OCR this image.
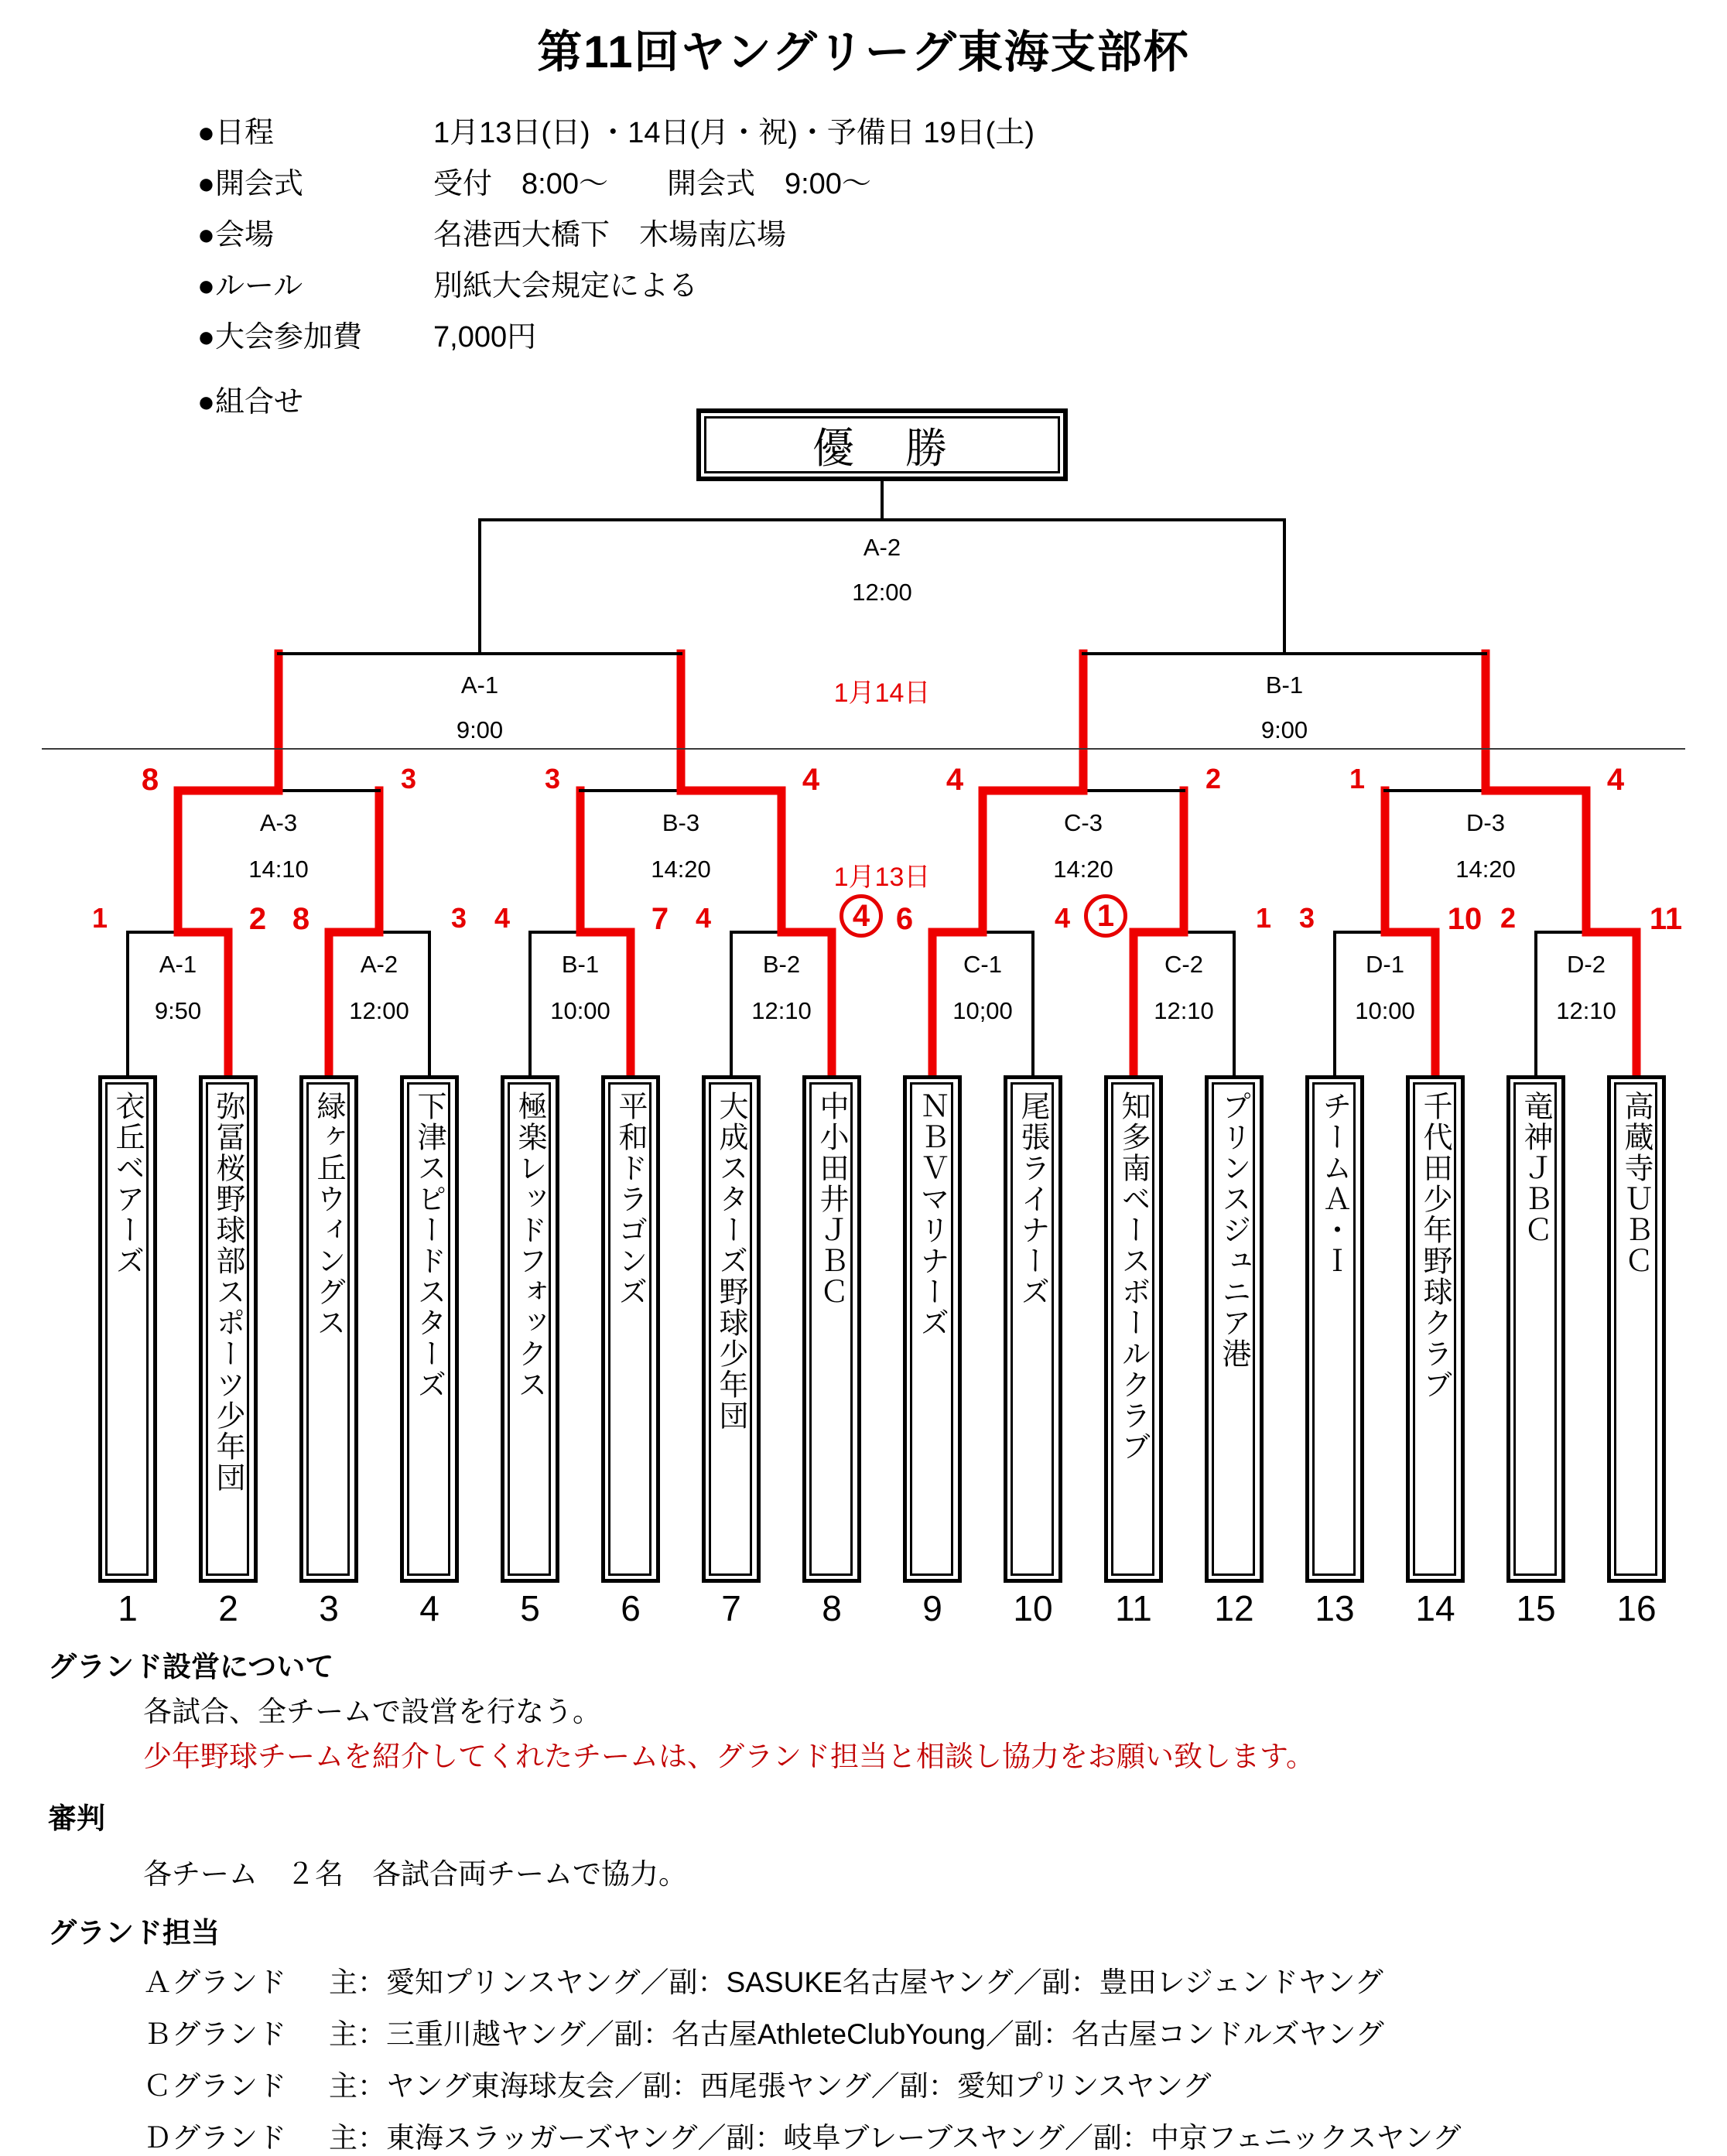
第11回ヤングリーグ東海支部杯
●日程	1月13日(日) ・14日(月・祝)・予備日 19日(土)
●開会式	受付　8:00～　　開会式　9:00～
●会場	名港西大橋下　木場南広場
●ルール	別紙大会規定による
●大会参加費 7,000円
●組合せ
優　勝
衣丘ベアーズ
1
弥冨桜野球部スポーツ少年団
2
緑ヶ丘ウィングス
3
下津スピードスターズ
4
極楽レッドフォックス
5
平和ドラゴンズ
6
大成スターズ野球少年団
7
中小田井ＪＢＣ
8
ＮＢＶマリナーズ
9
尾張ライナーズ
10
知多南ベースボールクラブ
11
プリンスジュニア港
12
チームＡ・Ｉ
13
千代田少年野球クラブ
14
竜神ＪＢＣ
15
高蔵寺ＵＢＣ
16
1	2
A-1
9:50
8	3
A-2
12:00
4	7
B-1
10:00
4	4
B-2
12:10
6	4
C-1
10;00
1	1
C-2
12:10
3	10
D-1
10:00
2	11
D-2
12:10
8	3
A-3
14:10
3	4
B-3
14:20
4	2
C-3
14:20
1	4
D-3
14:20
A-1
9:00
B-1
9:00
A-2
12:00
1月14日
1月13日
グランド設営について
各試合、全チームで設営を行なう。
少年野球チームを紹介してくれたチームは、グランド担当と相談し協力をお願い致します。
審判
各チーム　２名　各試合両チームで協力。
グランド担当
Ａグランド 主：愛知プリンスヤング／副：SASUKE名古屋ヤング／副：豊田レジェンドヤング
Ｂグランド 主：三重川越ヤング／副：名古屋AthleteClubYoung／副：名古屋コンドルズヤング
Ｃグランド 主：ヤング東海球友会／副：西尾張ヤング／副：愛知プリンスヤング
Ｄグランド 主：東海スラッガーズヤング／副：岐阜ブレーブスヤング／副：中京フェニックスヤング
